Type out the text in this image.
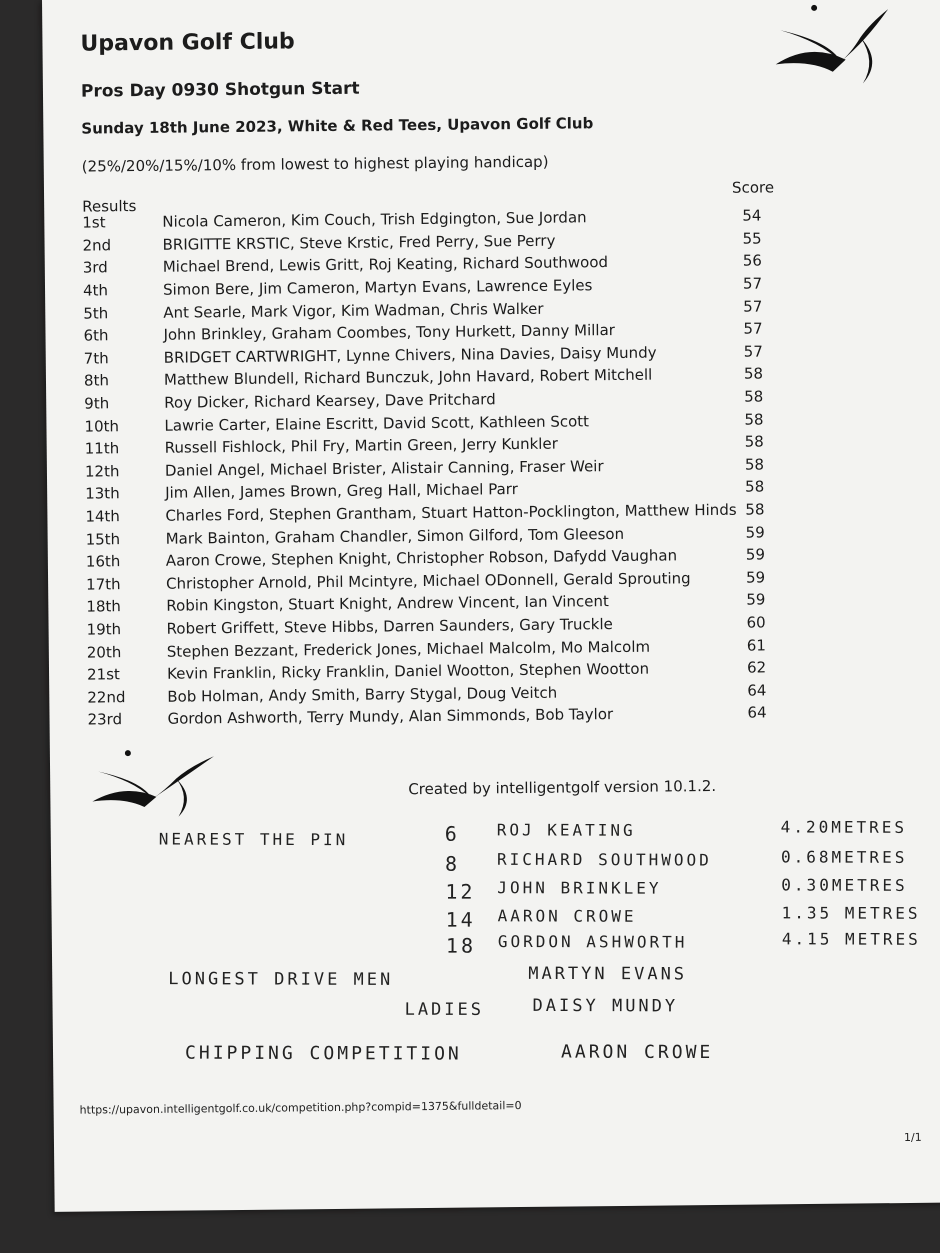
Upavon Golf Club
Pros Day 0930 Shotgun Start
Sunday 18th June 2023, White & Red Tees, Upavon Golf Club
(25%/20%/15%/10% from lowest to highest playing handicap)
Score
Results
1st	Nicola Cameron, Kim Couch, Trish Edgington, Sue Jordan	54
2nd	BRIGITTE KRSTIC, Steve Krstic, Fred Perry, Sue Perry	55
3rd	Michael Brend, Lewis Gritt, Roj Keating, Richard Southwood	56
4th	Simon Bere, Jim Cameron, Martyn Evans, Lawrence Eyles	57
5th	Ant Searle, Mark Vigor, Kim Wadman, Chris Walker	57
6th	John Brinkley, Graham Coombes, Tony Hurkett, Danny Millar	57
7th	BRIDGET CARTWRIGHT, Lynne Chivers, Nina Davies, Daisy Mundy	57
8th	Matthew Blundell, Richard Bunczuk, John Havard, Robert Mitchell	58
9th	Roy Dicker, Richard Kearsey, Dave Pritchard	58
10th	Lawrie Carter, Elaine Escritt, David Scott, Kathleen Scott	58
11th	Russell Fishlock, Phil Fry, Martin Green, Jerry Kunkler	58
12th	Daniel Angel, Michael Brister, Alistair Canning, Fraser Weir	58
13th	Jim Allen, James Brown, Greg Hall, Michael Parr	58
14th	Charles Ford, Stephen Grantham, Stuart Hatton-Pocklington, Matthew Hinds 58
15th	Mark Bainton, Graham Chandler, Simon Gilford, Tom Gleeson	59
16th	Aaron Crowe, Stephen Knight, Christopher Robson, Dafydd Vaughan	59
17th	Christopher Arnold, Phil Mcintyre, Michael ODonnell, Gerald Sprouting	59
18th	Robin Kingston, Stuart Knight, Andrew Vincent, Ian Vincent	59
19th	Robert Griffett, Steve Hibbs, Darren Saunders, Gary Truckle	60
20th	Stephen Bezzant, Frederick Jones, Michael Malcolm, Mo Malcolm	61
21st	Kevin Franklin, Ricky Franklin, Daniel Wootton, Stephen Wootton	62
22nd	Bob Holman, Andy Smith, Barry Stygal, Doug Veitch	64
23rd	Gordon Ashworth, Terry Mundy, Alan Simmonds, Bob Taylor	64
Created by intelligentgolf version 10.1.2.
NEAREST THE PIN	6 ROJ KEATING	4.20METRES
8 RICHARD SOUTHWOOD	0.68METRES
12 JOHN BRINKLEY	0.30METRES
14 AARON CROWE	1.35 METRES
18 GORDON ASHWORTH	4.15 METRES
LONGEST DRIVE MEN	MARTYN EVANS
LADIES	DAISY MUNDY
CHIPPING COMPETITION	AARON CROWE
https://upavon.intelligentgolf.co.uk/competition.php?compid=1375&fulldetail=0
1/1
